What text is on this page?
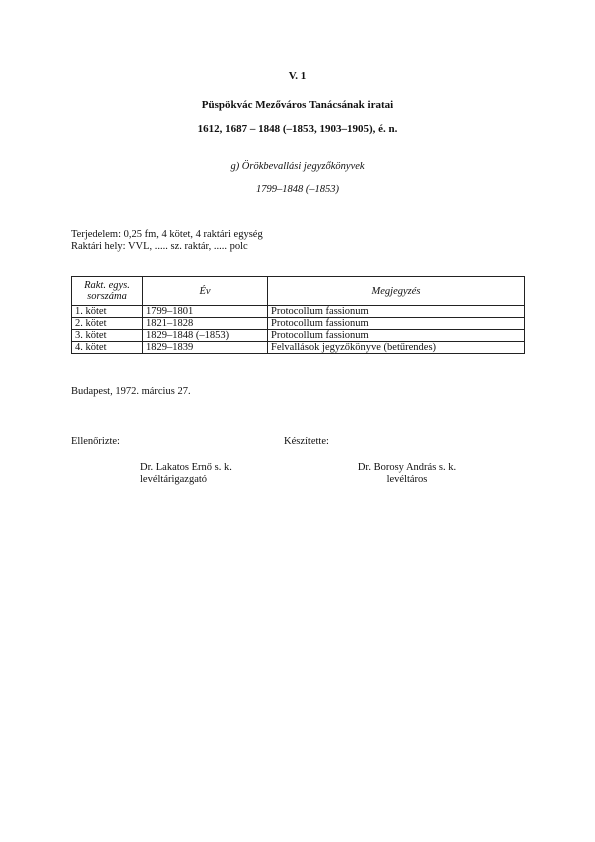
V. 1
Püspökvác Mezőváros Tanácsának iratai
1612, 1687 – 1848 (–1853, 1903–1905), é. n.
g) Örökbevallási jegyzőkönyvek
1799–1848 (–1853)
Terjedelem: 0,25 fm, 4 kötet, 4 raktári egység
Raktári hely: VVL, ..... sz. raktár, ..... polc
Rakt. egys.
sorszáma	Év	Megjegyzés
1. kötet	1799–1801	Protocollum fassionum
2. kötet	1821–1828	Protocollum fassionum
3. kötet	1829–1848 (–1853)	Protocollum fassionum
4. kötet	1829–1839	Felvallások jegyzőkönyve (betűrendes)
Budapest, 1972. március 27.
Ellenőrizte:	Készítette:
Dr. Lakatos Ernő s. k.
levéltárigazgató
Dr. Borosy András s. k.
levéltáros
